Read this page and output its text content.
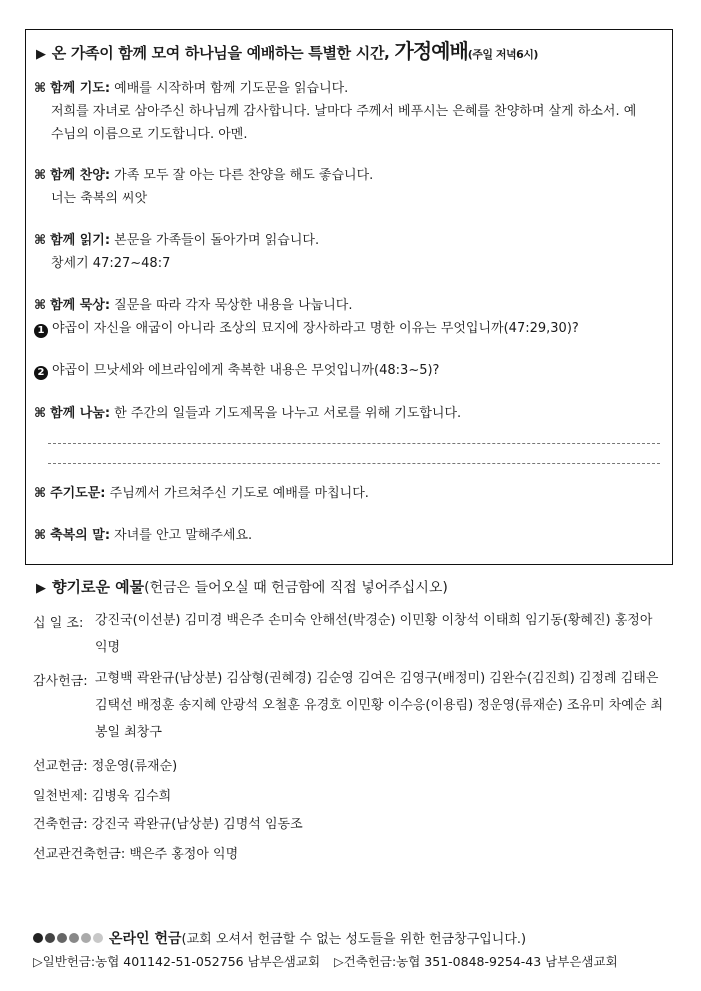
▶ 온 가족이 함께 모여 하나님을 예배하는 특별한 시간, 가정예배(주일 저녁6시)
⌘ 함께 기도: 예배를 시작하며 함께 기도문을 읽습니다.
저희를 자녀로 삼아주신 하나님께 감사합니다. 날마다 주께서 베푸시는 은혜를 찬양하며 살게 하소서. 예
수님의 이름으로 기도합니다. 아멘.
⌘ 함께 찬양: 가족 모두 잘 아는 다른 찬양을 해도 좋습니다.
너는 축복의 씨앗
⌘ 함께 읽기: 본문을 가족들이 돌아가며 읽습니다.
창세기 47:27~48:7
⌘ 함께 묵상: 질문을 따라 각자 묵상한 내용을 나눕니다.
1 야곱이 자신을 애굽이 아니라 조상의 묘지에 장사하라고 명한 이유는 무엇입니까(47:29,30)?
2 야곱이 므낫세와 에브라임에게 축복한 내용은 무엇입니까(48:3~5)?
⌘ 함께 나눔: 한 주간의 일들과 기도제목을 나누고 서로를 위해 기도합니다.
⌘ 주기도문: 주님께서 가르쳐주신 기도로 예배를 마칩니다.
⌘ 축복의 말: 자녀를 안고 말해주세요.
▶ 향기로운 예물(헌금은 들어오실 때 헌금함에 직접 넣어주십시오)
십 일 조: 강진국(이선분) 김미경 백은주 손미숙 안해선(박경순) 이민황 이창석 이태희 임기동(황혜진) 홍정아 익명
감사헌금: 고형백 곽완규(남상분) 김삼형(권혜경) 김순영 김여은 김영구(배정미) 김완수(김진희) 김정례 김태은 김택선 배정훈 송지혜 안광석 오철훈 유경호 이민황 이수응(이용림) 정운영(류재순) 조유미 차예순 최봉일 최창구
선교헌금: 정운영(류재순)
일천번제: 김병욱 김수희
건축헌금: 강진국 곽완규(남상분) 김명석 임동조
선교관건축헌금: 백은주 홍정아 익명
온라인 헌금(교회 오셔서 헌금할 수 없는 성도들을 위한 헌금창구입니다.)
▷일반헌금:농협 401142-51-052756 남부은샘교회 ▷건축헌금:농협 351-0848-9254-43 남부은샘교회
